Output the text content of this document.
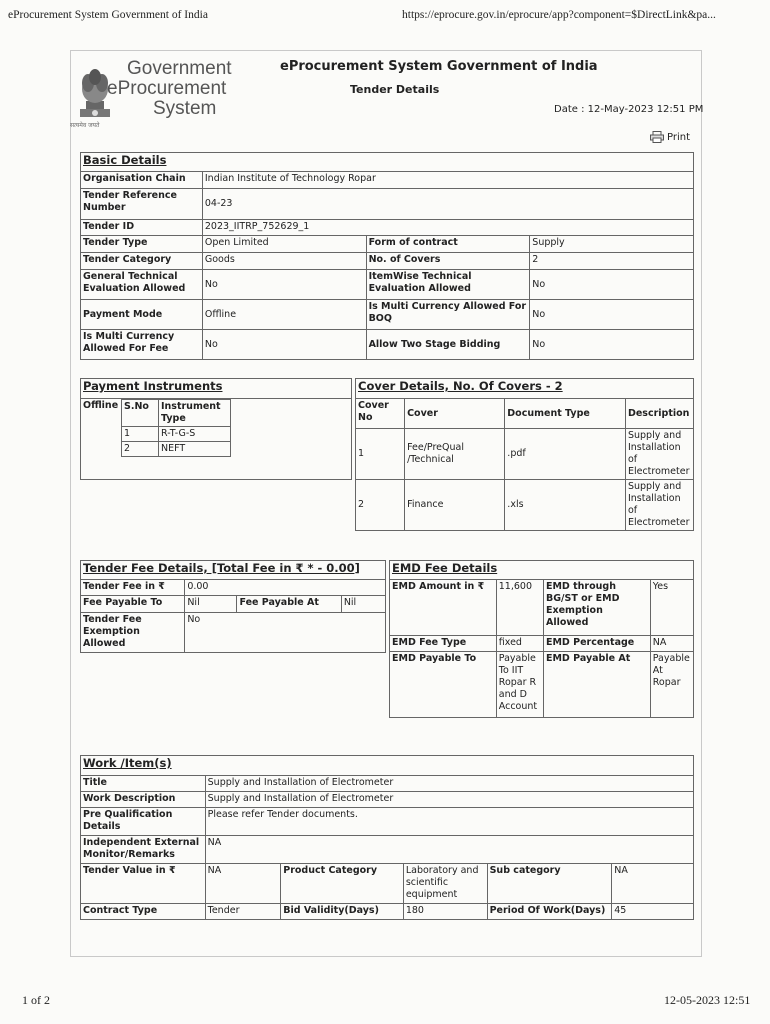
eProcurement System Government of India	https://eprocure.gov.in/eprocure/app?component=$DirectLink&pa...
सत्यमेव जयते
Government
eProcurement
System
eProcurement System Government of India
Tender Details
Date : 12-May-2023 12:51 PM
Print
Basic Details			
Organisation Chain	Indian Institute of Technology Ropar		
Tender Reference Number	04-23		
Tender ID	2023_IITRP_752629_1		
Tender Type	Open Limited	Form of contract	Supply
Tender Category	Goods	No. of Covers	2
General Technical Evaluation Allowed	No	ItemWise Technical Evaluation Allowed	No
Payment Mode	Offline	Is Multi Currency Allowed For BOQ	No
Is Multi Currency Allowed For Fee	No	Allow Two Stage Bidding	No
Payment Instruments
Offline	S.No	Instrument Type
1	R-T-G-S
2	NEFT
Cover Details, No. Of Covers - 2			
Cover No	Cover	Document Type	Description
1	Fee/PreQual /Technical	.pdf	Supply and Installation of Electrometer
2	Finance	.xls	Supply and Installation of Electrometer
Tender Fee Details, [Total Fee in ₹ * - 0.00]			
Tender Fee in ₹	0.00		
Fee Payable To	Nil	Fee Payable At	Nil
Tender Fee Exemption Allowed	No		
EMD Fee Details			
EMD Amount in ₹	11,600	EMD through BG/ST or EMD Exemption Allowed	Yes
EMD Fee Type	fixed	EMD Percentage	NA
EMD Payable To	Payable To IIT Ropar R and D Account	EMD Payable At	Payable At Ropar
Work /Item(s)					
Title	Supply and Installation of Electrometer				
Work Description	Supply and Installation of Electrometer				
Pre Qualification Details	Please refer Tender documents.				
Independent External Monitor/Remarks	NA				
Tender Value in ₹	NA	Product Category	Laboratory and scientific equipment	Sub category	NA
Contract Type	Tender	Bid Validity(Days)	180	Period Of Work(Days)	45
1 of 2	12-05-2023 12:51
